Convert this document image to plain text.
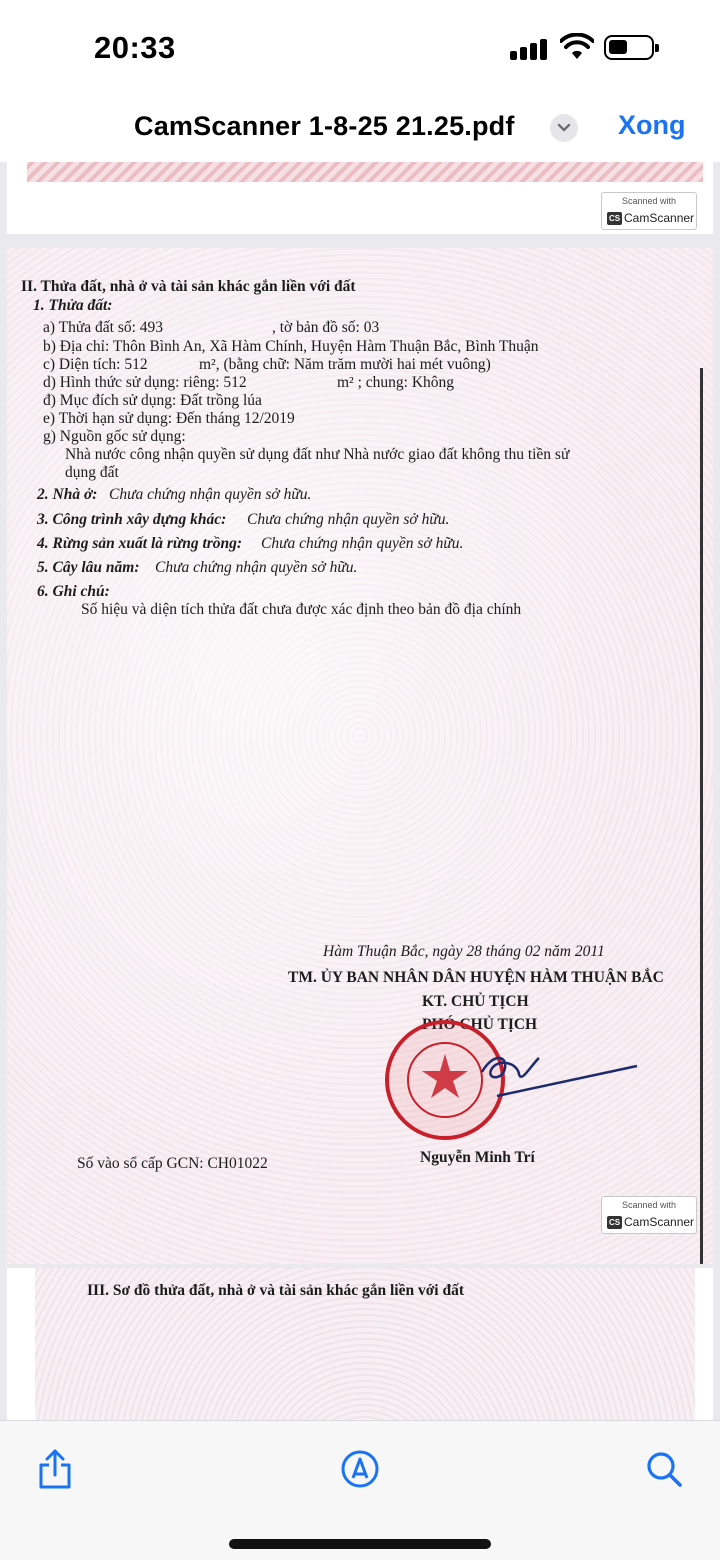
20:33
CamScanner 1-8-25 21.25.pdf	Xong
Scanned with
CS CamScanner
II. Thửa đất, nhà ở và tài sản khác gắn liền với đất
1. Thửa đất:
a) Thửa đất số: 493	, tờ bản đồ số: 03
b) Địa chỉ: Thôn Bình An, Xã Hàm Chính, Huyện Hàm Thuận Bắc, Bình Thuận
c) Diện tích: 512	m², (bằng chữ: Năm trăm mười hai mét vuông)
d) Hình thức sử dụng: riêng: 512	m² ; chung: Không
đ) Mục đích sử dụng: Đất trồng lúa
e) Thời hạn sử dụng: Đến tháng 12/2019
g) Nguồn gốc sử dụng:
Nhà nước công nhận quyền sử dụng đất như Nhà nước giao đất không thu tiền sử
dụng đất
2. Nhà ở: Chưa chứng nhận quyền sở hữu.
3. Công trình xây dựng khác: Chưa chứng nhận quyền sở hữu.
4. Rừng sản xuất là rừng trồng: Chưa chứng nhận quyền sở hữu.
5. Cây lâu năm: Chưa chứng nhận quyền sở hữu.
6. Ghi chú:
Số hiệu và diện tích thửa đất chưa được xác định theo bản đồ địa chính
Hàm Thuận Bắc, ngày 28 tháng 02 năm 2011
TM. ỦY BAN NHÂN DÂN HUYỆN HÀM THUẬN BẮC
KT. CHỦ TỊCH
PHÓ CHỦ TỊCH
Số vào sổ cấp GCN: CH01022	Nguyễn Minh Trí
Scanned with
CS CamScanner
III. Sơ đồ thửa đất, nhà ở và tài sản khác gắn liền với đất
